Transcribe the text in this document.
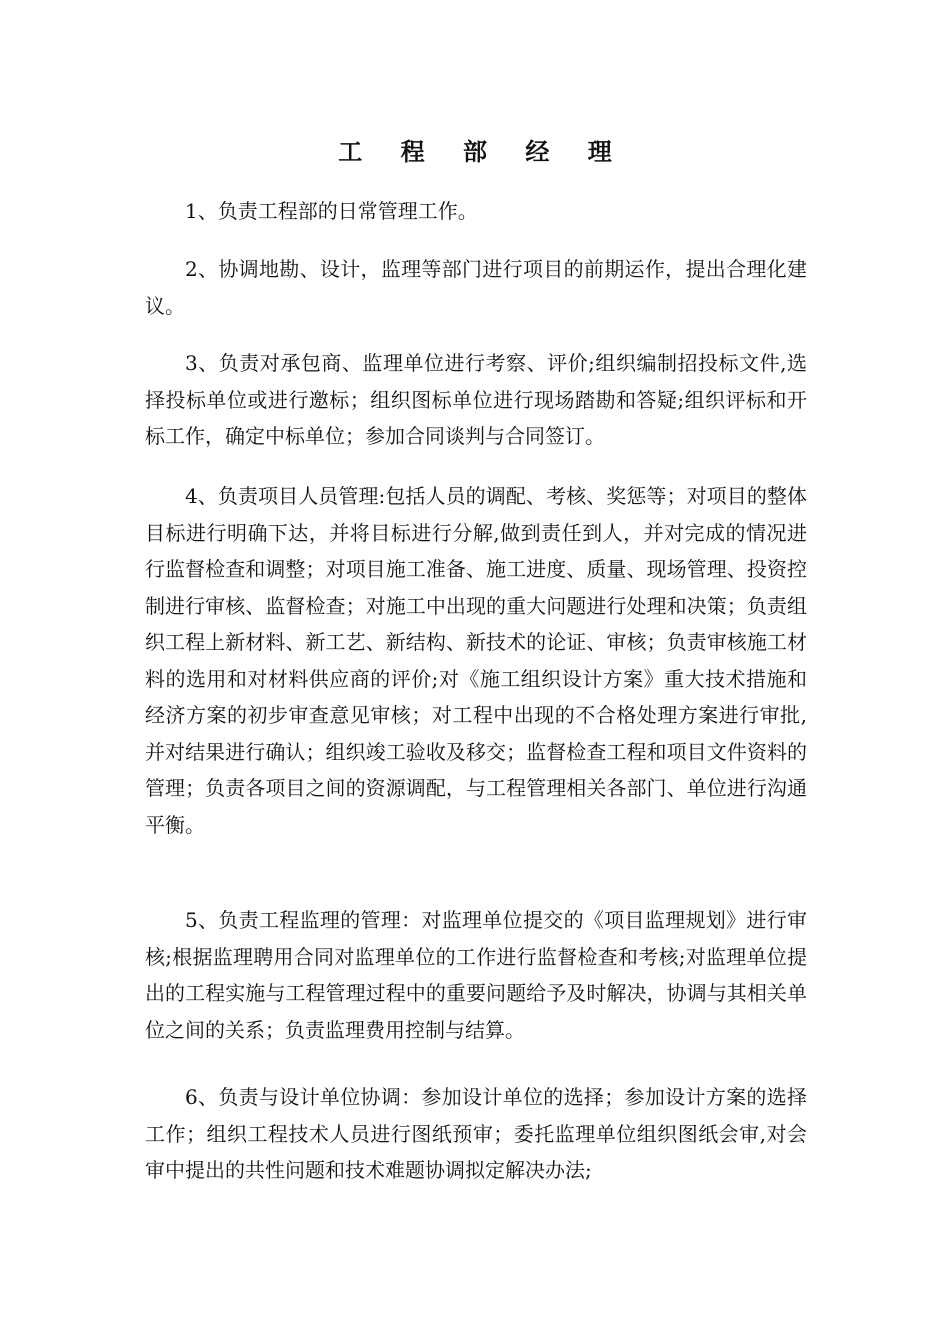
工 程 部 经 理

1、负责工程部的日常管理工作。

2、协调地勘、设计，监理等部门进行项目的前期运作，提出合理化建议。

3、负责对承包商、监理单位进行考察、评价;组织编制招投标文件,选择投标单位或进行邀标；组织图标单位进行现场踏勘和答疑;组织评标和开标工作，确定中标单位；参加合同谈判与合同签订。

4、负责项目人员管理:包括人员的调配、考核、奖惩等；对项目的整体目标进行明确下达，并将目标进行分解,做到责任到人，并对完成的情况进行监督检查和调整；对项目施工准备、施工进度、质量、现场管理、投资控制进行审核、监督检查；对施工中出现的重大问题进行处理和决策；负责组织工程上新材料、新工艺、新结构、新技术的论证、审核；负责审核施工材料的选用和对材料供应商的评价;对《施工组织设计方案》重大技术措施和经济方案的初步审查意见审核；对工程中出现的不合格处理方案进行审批,并对结果进行确认；组织竣工验收及移交；监督检查工程和项目文件资料的管理；负责各项目之间的资源调配，与工程管理相关各部门、单位进行沟通平衡。

5、负责工程监理的管理：对监理单位提交的《项目监理规划》进行审核;根据监理聘用合同对监理单位的工作进行监督检查和考核;对监理单位提出的工程实施与工程管理过程中的重要问题给予及时解决，协调与其相关单位之间的关系；负责监理费用控制与结算。

6、负责与设计单位协调：参加设计单位的选择；参加设计方案的选择工作；组织工程技术人员进行图纸预审；委托监理单位组织图纸会审,对会审中提出的共性问题和技术难题协调拟定解决办法;
